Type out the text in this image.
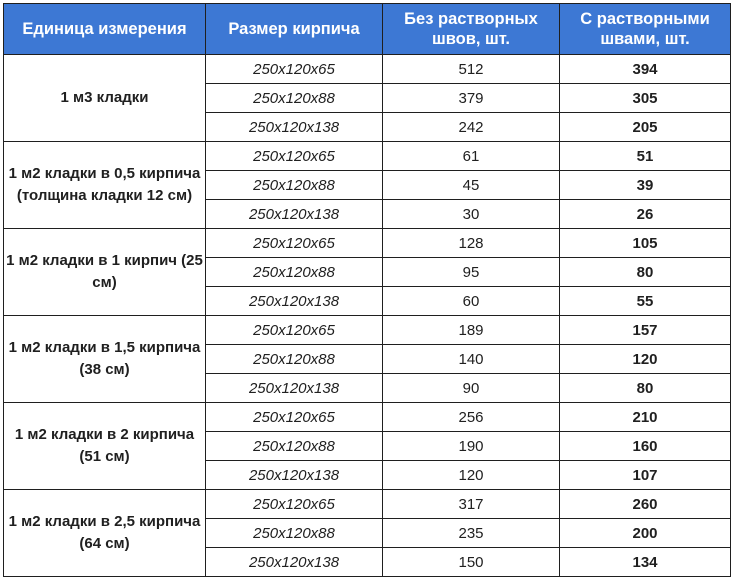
Единица измерения	Размер кирпича	Без растворных швов, шт.	С растворными швами, шт.
1 м3 кладки	250x120x65	512	394
	250x120x88	379	305
	250x120x138	242	205
1 м2 кладки в 0,5 кирпича (толщина кладки 12 см)	250x120x65	61	51
	250x120x88	45	39
	250x120x138	30	26
1 м2 кладки в 1 кирпич (25 см)	250x120x65	128	105
	250x120x88	95	80
	250x120x138	60	55
1 м2 кладки в 1,5 кирпича (38 см)	250x120x65	189	157
	250x120x88	140	120
	250x120x138	90	80
1 м2 кладки в 2 кирпича (51 см)	250x120x65	256	210
	250x120x88	190	160
	250x120x138	120	107
1 м2 кладки в 2,5 кирпича (64 см)	250x120x65	317	260
	250x120x88	235	200
	250x120x138	150	134
